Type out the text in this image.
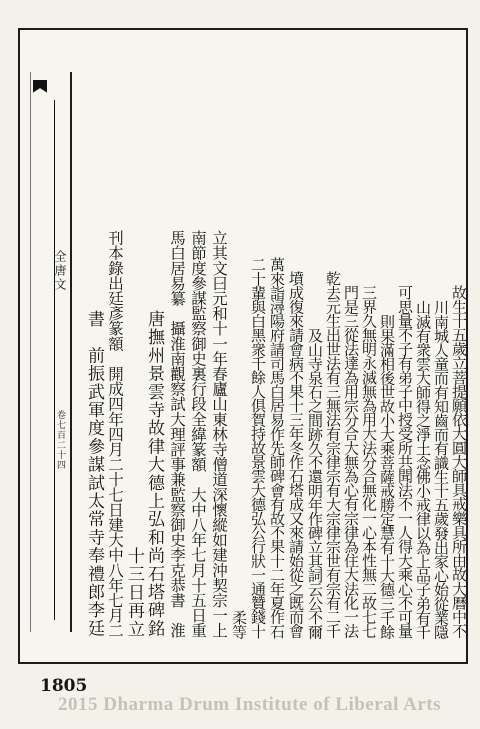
全唐文
卷七百二十四 書　前振武軍度參謀試太常寺奉禮郎李廷 刊本錄出廷彥篆額　開成四年四月二十七日建大中八年七月二 十三日再立 唐撫州景雲寺故律大德上弘和尚石塔碑銘 馬白居易纂　攝淮南觀察試大理評事兼監察御史李克恭書　淮 南節度參謀監察御史裏行段全緯篆額　大中八年七月十五日重 立其文曰元和十一年春廬山東林寺僧道深懷縱如建沖契宗一上 柔等 二十輩與白黑衆千餘人俱賀持故景雲大德弘公行狀一通贊錢十 萬來詣潯陽府請司馬白居易作先師碑會有故不果十二年夏作石 墳成復來請會病不果十三年冬作石塔成又來請始從之既而會 及山寺泉石之間跡久不還明年作碑立其詞云公不爾 乾去元生出世法有三無法有宗律宗有大宗律宗世有宗有二千 門是三從法達為用宗分合大無為心有宗律為住大法化一法 三界久無明永滅無為用大法分合無化一心本性無二故七七 則果滿相後世故小大乘菩薩戒勝定慧有十大德三千餘 可思量不子有弟子中授受所共聞法不一人得大乘心不可量 山滅有衆雲大師得之淨土念佛小戒律以為上品子弟有千 川南城人童而有知齒而有識生十五歲發出家心始從業隱 故生十五歲立菩提願依大圓大師具戒樂具所由故大曆中不
1805
2015 Dharma Drum Institute of Liberal Arts
